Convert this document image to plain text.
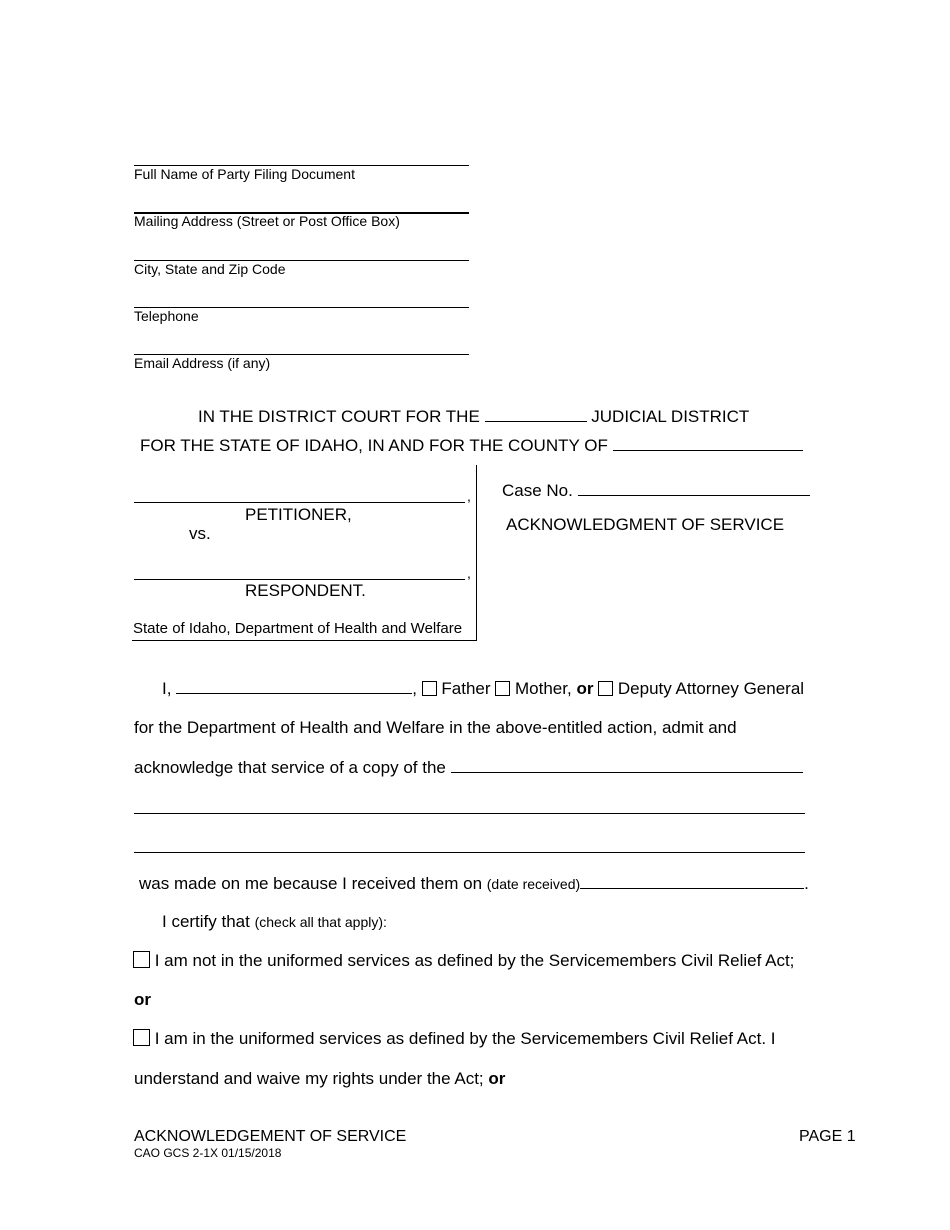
Full Name of Party Filing Document
Mailing Address (Street or Post Office Box)
City, State and Zip Code
Telephone
Email Address (if any)
IN THE DISTRICT COURT FOR THE	JUDICIAL DISTRICT
FOR THE STATE OF IDAHO, IN AND FOR THE COUNTY OF
,
PETITIONER,
vs.
,
RESPONDENT.
State of Idaho, Department of Health and Welfare
Case No.
ACKNOWLEDGMENT OF SERVICE
I,	, Father Mother, or Deputy Attorney General
for the Department of Health and Welfare in the above-entitled action, admit and
acknowledge that service of a copy of the
was made on me because I received them on (date received)	.
I certify that (check all that apply):
I am not in the uniformed services as defined by the Servicemembers Civil Relief Act;
or
I am in the uniformed services as defined by the Servicemembers Civil Relief Act. I
understand and waive my rights under the Act; or
ACKNOWLEDGEMENT OF SERVICE
CAO GCS 2-1X 01/15/2018
PAGE 1
